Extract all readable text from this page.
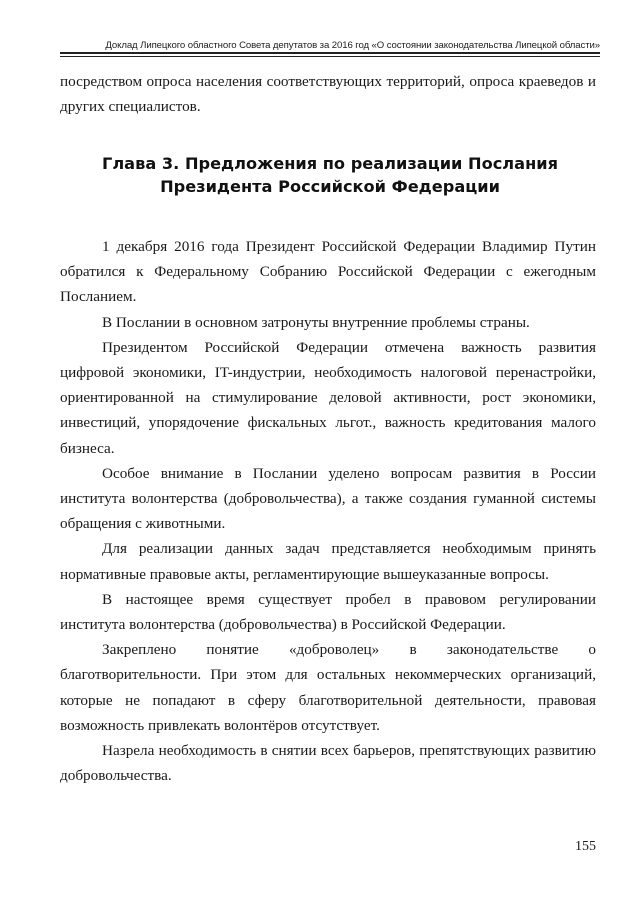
Доклад Липецкого областного Совета депутатов за 2016 год «О состоянии законодательства Липецкой области»

посредством опроса населения соответствующих территорий, опроса краеведов и других специалистов.

Глава 3. Предложения по реализации Послания
Президента Российской Федерации

1 декабря 2016 года Президент Российской Федерации Владимир Путин обратился к Федеральному Собранию Российской Федерации с ежегодным Посланием.

В Послании в основном затронуты внутренние проблемы страны.

Президентом Российской Федерации отмечена важность развития цифровой экономики, IT-индустрии, необходимость налоговой перенастройки, ориентированной на стимулирование деловой активности, рост экономики, инвестиций, упорядочение фискальных льгот., важность кредитования малого бизнеса.

Особое внимание в Послании уделено вопросам развития в России института волонтерства (добровольчества), а также создания гуманной системы обращения с животными.

Для реализации данных задач представляется необходимым принять нормативные правовые акты, регламентирующие вышеуказанные вопросы.

В настоящее время существует пробел в правовом регулировании института волонтерства (добровольчества) в Российской Федерации.

Закреплено понятие «доброволец» в законодательстве о благотворительности. При этом для остальных некоммерческих организаций, которые не попадают в сферу благотворительной деятельности, правовая возможность привлекать волонтёров отсутствует.

Назрела необходимость в снятии всех барьеров, препятствующих развитию добровольчества.

155
